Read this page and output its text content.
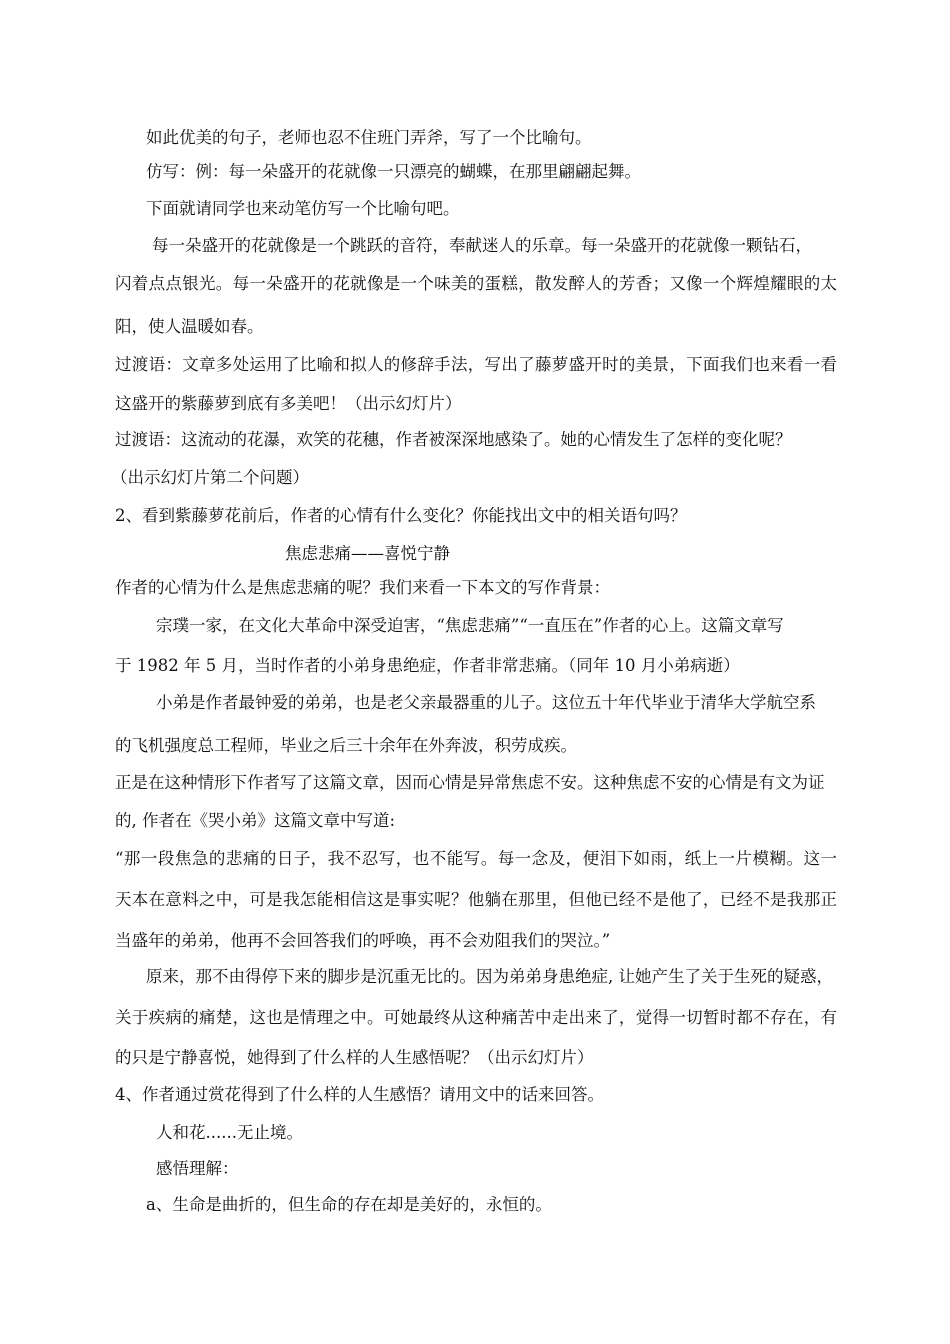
如此优美的句子，老师也忍不住班门弄斧，写了一个比喻句。
仿写：例：每一朵盛开的花就像一只漂亮的蝴蝶，在那里翩翩起舞。
下面就请同学也来动笔仿写一个比喻句吧。
每一朵盛开的花就像是一个跳跃的音符，奉献迷人的乐章。每一朵盛开的花就像一颗钻石，
闪着点点银光。每一朵盛开的花就像是一个味美的蛋糕，散发醉人的芳香；又像一个辉煌耀眼的太
阳，使人温暖如春。
过渡语：文章多处运用了比喻和拟人的修辞手法，写出了藤萝盛开时的美景，下面我们也来看一看
这盛开的紫藤萝到底有多美吧！（出示幻灯片）
过渡语：这流动的花瀑，欢笑的花穗，作者被深深地感染了。她的心情发生了怎样的变化呢？
（出示幻灯片第二个问题）
2、看到紫藤萝花前后，作者的心情有什么变化？你能找出文中的相关语句吗？
焦虑悲痛——喜悦宁静
作者的心情为什么是焦虑悲痛的呢？我们来看一下本文的写作背景：
宗璞一家，在文化大革命中深受迫害，“焦虑悲痛”“一直压在”作者的心上。这篇文章写
于 1982 年 5 月，当时作者的小弟身患绝症，作者非常悲痛。（同年 10 月小弟病逝）
小弟是作者最钟爱的弟弟，也是老父亲最器重的儿子。这位五十年代毕业于清华大学航空系
的飞机强度总工程师，毕业之后三十余年在外奔波，积劳成疾。
正是在这种情形下作者写了这篇文章，因而心情是异常焦虑不安。这种焦虑不安的心情是有文为证
的, 作者在《哭小弟》这篇文章中写道:
“那一段焦急的悲痛的日子，我不忍写，也不能写。每一念及，便泪下如雨，纸上一片模糊。这一
天本在意料之中，可是我怎能相信这是事实呢？他躺在那里，但他已经不是他了，已经不是我那正
当盛年的弟弟，他再不会回答我们的呼唤，再不会劝阻我们的哭泣。”
原来，那不由得停下来的脚步是沉重无比的。因为弟弟身患绝症, 让她产生了关于生死的疑惑，
关于疾病的痛楚，这也是情理之中。可她最终从这种痛苦中走出来了，觉得一切暂时都不存在，有
的只是宁静喜悦，她得到了什么样的人生感悟呢？（出示幻灯片）
4、作者通过赏花得到了什么样的人生感悟？请用文中的话来回答。
人和花......无止境。
感悟理解：
a、生命是曲折的，但生命的存在却是美好的，永恒的。
